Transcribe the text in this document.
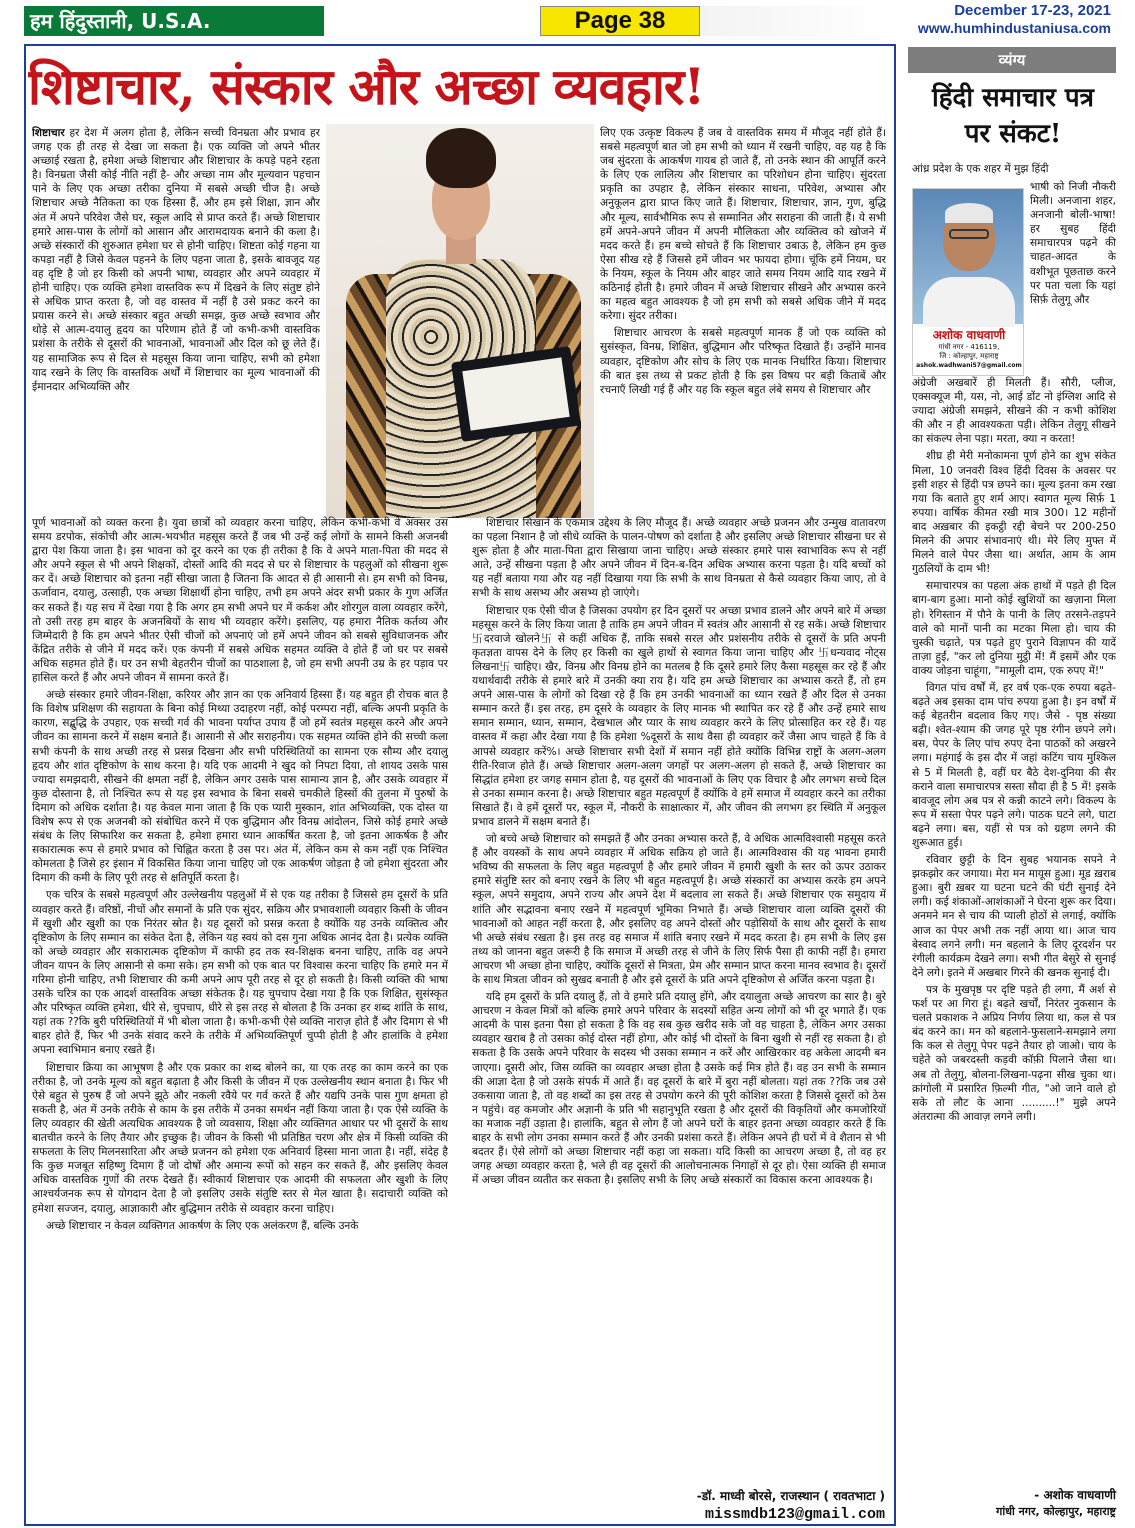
हम हिंदुस्तानी, U.S.A.	Page 38	December 17-23, 2021
www.humhindustaniusa.com
शिष्टाचार, संस्कार और अच्छा व्यवहार!

शिष्टाचार हर देश में अलग होता है, लेकिन सच्ची विनम्रता और प्रभाव हर जगह एक ही तरह से देखा जा सकता है। एक व्यक्ति जो अपने भीतर अच्छाई रखता है, हमेशा अच्छे शिष्टाचार और शिष्टाचार के कपड़े पहने रहता है। विनम्रता जैसी कोई नीति नहीं है- और अच्छा नाम और मूल्यवान पहचान पाने के लिए एक अच्छा तरीका दुनिया में सबसे अच्छी चीज है। अच्छे शिष्टाचार अच्छे नैतिकता का एक हिस्सा हैं, और हम इसे शिक्षा, ज्ञान और अंत में अपने परिवेश जैसे घर, स्कूल आदि से प्राप्त करते हैं। अच्छे शिष्टाचार हमारे आस-पास के लोगों को आसान और आरामदायक बनाने की कला है। अच्छे संस्कारों की शुरुआत हमेशा घर से होनी चाहिए। शिष्टता कोई गहना या कपड़ा नहीं है जिसे केवल पहनने के लिए पहना जाता है, इसके बावजूद यह वह दृष्टि है जो हर किसी को अपनी भाषा, व्यवहार और अपने व्यवहार में होनी चाहिए। एक व्यक्ति हमेशा वास्तविक रूप में दिखने के लिए संतुष्ट होने से अधिक प्राप्त करता है, जो वह वास्तव में नहीं है उसे प्रकट करने का प्रयास करने से। अच्छे संस्कार बहुत अच्छी समझ, कुछ अच्छे स्वभाव और थोड़े से आत्म-दयालु हृदय का परिणाम होते हैं जो कभी-कभी वास्तविक प्रशंसा के तरीके से दूसरों की भावनाओं, भावनाओं और दिल को छू लेते हैं। यह सामाजिक रूप से दिल से महसूस किया जाना चाहिए, सभी को हमेशा याद रखने के लिए कि वास्तविक अर्थों में शिष्टाचार का मूल्य भावनाओं की ईमानदार अभिव्यक्ति और

लिए एक उत्कृष्ट विकल्प हैं जब वे वास्तविक समय में मौजूद नहीं होते हैं। सबसे महत्वपूर्ण बात जो हम सभी को ध्यान में रखनी चाहिए, वह यह है कि जब सुंदरता के आकर्षण गायब हो जाते हैं, तो उनके स्थान की आपूर्ति करने के लिए एक लालित्य और शिष्टाचार का परिशोधन होना चाहिए। सुंदरता प्रकृति का उपहार है, लेकिन संस्कार साधना, परिवेश, अभ्यास और अनुकूलन द्वारा प्राप्त किए जाते हैं। शिष्टाचार, शिष्टाचार, ज्ञान, गुण, बुद्धि और मूल्य, सार्वभौमिक रूप से सम्मानित और सराहना की जाती हैं। ये सभी हमें अपने-अपने जीवन में अपनी मौलिकता और व्यक्तित्व को खोजने में मदद करते हैं। हम बच्चे सोचते हैं कि शिष्टाचार उबाऊ है, लेकिन हम कुछ ऐसा सीख रहे हैं जिससे हमें जीवन भर फायदा होगा। चूंकि हमें नियम, घर के नियम, स्कूल के नियम और बाहर जाते समय नियम आदि याद रखने में कठिनाई होती है। हमारे जीवन में अच्छे शिष्टाचार सीखने और अभ्यास करने का महत्व बहुत आवश्यक है जो हम सभी को सबसे अधिक जीने में मदद करेगा। सुंदर तरीका।

शिष्टाचार आचरण के सबसे महत्वपूर्ण मानक हैं जो एक व्यक्ति को सुसंस्कृत, विनम्र, शिक्षित, बुद्धिमान और परिष्कृत दिखाते हैं। उन्होंने मानव व्यवहार, दृष्टिकोण और सोच के लिए एक मानक निर्धारित किया। शिष्टाचार की बात इस तथ्य से प्रकट होती है कि इस विषय पर बड़ी किताबें और रचनाएँ लिखी गई हैं और यह कि स्कूल बहुत लंबे समय से शिष्टाचार और

पूर्ण भावनाओं को व्यक्त करना है। युवा छात्रों को व्यवहार करना चाहिए, लेकिन कभी-कभी वे अक्सर उस समय डरपोक, संकोची और आत्म-भयभीत महसूस करते हैं जब भी उन्हें कई लोगों के सामने किसी अजनबी द्वारा पेश किया जाता है। इस भावना को दूर करने का एक ही तरीका है कि वे अपने माता-पिता की मदद से और अपने स्कूल से भी अपने शिक्षकों, दोस्तों आदि की मदद से घर से शिष्टाचार के पहलुओं को सीखना शुरू कर दें। अच्छे शिष्टाचार को इतना नहीं सीखा जाता है जितना कि आदत से ही आसानी से। हम सभी को विनम्र, ऊर्जावान, दयालु, उत्साही, एक अच्छा शिक्षार्थी होना चाहिए, तभी हम अपने अंदर सभी प्रकार के गुण अर्जित कर सकते हैं। यह सच में देखा गया है कि अगर हम सभी अपने घर में कर्कश और शोरगुल वाला व्यवहार करेंगे, तो उसी तरह हम बाहर के अजनबियों के साथ भी व्यवहार करेंगे। इसलिए, यह हमारा नैतिक कर्तव्य और जिम्मेदारी है कि हम अपने भीतर ऐसी चीजों को अपनाएं जो हमें अपने जीवन को सबसे सुविधाजनक और केंद्रित तरीके से जीने में मदद करें। एक कंपनी में सबसे अधिक सहमत व्यक्ति वे होते हैं जो घर पर सबसे अधिक सहमत होते हैं। घर उन सभी बेहतरीन चीजों का पाठशाला है, जो हम सभी अपनी उम्र के हर पड़ाव पर हासिल करते हैं और अपने जीवन में सामना करते हैं।

अच्छे संस्कार हमारे जीवन-शिक्षा, करियर और ज्ञान का एक अनिवार्य हिस्सा हैं। यह बहुत ही रोचक बात है कि विशेष प्रशिक्षण की सहायता के बिना कोई मिथ्या उदाहरण नहीं, कोई परम्परा नहीं, बल्कि अपनी प्रकृति के कारण, सद्बुद्धि के उपहार, एक सच्ची गर्व की भावना पर्याप्त उपाय हैं जो हमें स्वतंत्र महसूस करने और अपने जीवन का सामना करने में सक्षम बनाते हैं। आसानी से और सराहनीय। एक सहमत व्यक्ति होने की सच्ची कला सभी कंपनी के साथ अच्छी तरह से प्रसन्न दिखना और सभी परिस्थितियों का सामना एक सौम्य और दयालु हृदय और शांत दृष्टिकोण के साथ करना है। यदि एक आदमी ने खुद को निपटा दिया, तो शायद उसके पास ज्यादा समझदारी, सीखने की क्षमता नहीं है, लेकिन अगर उसके पास सामान्य ज्ञान है, और उसके व्यवहार में कुछ दोस्ताना है, तो निश्चित रूप से यह इस स्वभाव के बिना सबसे चमकीले हिस्सों की तुलना में पुरुषों के दिमाग को अधिक दर्शाता है। यह केवल माना जाता है कि एक प्यारी मुस्कान, शांत अभिव्यक्ति, एक दोस्त या विशेष रूप से एक अजनबी को संबोधित करने में एक बुद्धिमान और विनम्र आंदोलन, जिसे कोई हमारे अच्छे संबंध के लिए सिफारिश कर सकता है, हमेशा हमारा ध्यान आकर्षित करता है, जो इतना आकर्षक है और सकारात्मक रूप से हमारे प्रभाव को चिह्नित करता है उस पर। अंत में, लेकिन कम से कम नहीं एक निश्चित कोमलता है जिसे हर इंसान में विकसित किया जाना चाहिए जो एक आकर्षण जोड़ता है जो हमेशा सुंदरता और दिमाग की कमी के लिए पूरी तरह से क्षतिपूर्ति करता है।

एक चरित्र के सबसे महत्वपूर्ण और उल्लेखनीय पहलुओं में से एक यह तरीका है जिससे हम दूसरों के प्रति व्यवहार करते हैं। वरिष्ठों, नीचों और समानों के प्रति एक सुंदर, सक्रिय और प्रभावशाली व्यवहार किसी के जीवन में खुशी और खुशी का एक निरंतर स्रोत है। यह दूसरों को प्रसन्न करता है क्योंकि यह उनके व्यक्तित्व और दृष्टिकोण के लिए सम्मान का संकेत देता है, लेकिन यह स्वयं को दस गुना अधिक आनंद देता है। प्रत्येक व्यक्ति को अच्छे व्यवहार और सकारात्मक दृष्टिकोण में काफी हद तक स्व-शिक्षक बनना चाहिए, ताकि वह अपने जीवन यापन के लिए आसानी से कमा सके। हम सभी को एक बात पर विश्वास करना चाहिए कि हमारे मन में गरिमा होनी चाहिए, तभी शिष्टाचार की कमी अपने आप पूरी तरह से दूर हो सकती है। किसी व्यक्ति की भाषा उसके चरित्र का एक आदर्श वास्तविक अच्छा संकेतक है। यह चुपचाप देखा गया है कि एक शिक्षित, सुसंस्कृत और परिष्कृत व्यक्ति हमेशा, धीरे से, चुपचाप, धीरे से इस तरह से बोलता है कि उनका हर शब्द शांति के साथ, यहां तक ??कि बुरी परिस्थितियों में भी बोला जाता है। कभी-कभी ऐसे व्यक्ति नाराज़ होते हैं और दिमाग से भी बाहर होते हैं, फिर भी उनके संवाद करने के तरीके में अभिव्यक्तिपूर्ण चुप्पी होती है और हालांकि वे हमेशा अपना स्वाभिमान बनाए रखते हैं।

शिष्टाचार क्रिया का आभूषण है और एक प्रकार का शब्द बोलने का, या एक तरह का काम करने का एक तरीका है, जो उनके मूल्य को बहुत बढ़ाता है और किसी के जीवन में एक उल्लेखनीय स्थान बनाता है। फिर भी ऐसे बहुत से पुरुष हैं जो अपने झूठे और नकली रवैये पर गर्व करते हैं और यद्यपि उनके पास गुण क्षमता हो सकती है, अंत में उनके तरीके से काम के इस तरीके में उनका समर्थन नहीं किया जाता है। एक ऐसे व्यक्ति के लिए व्यवहार की खेती अत्यधिक आवश्यक है जो व्यवसाय, शिक्षा और व्यक्तिगत आधार पर भी दूसरों के साथ बातचीत करने के लिए तैयार और इच्छुक है। जीवन के किसी भी प्रतिष्ठित चरण और क्षेत्र में किसी व्यक्ति की सफलता के लिए मिलनसारिता और अच्छे प्रजनन को हमेशा एक अनिवार्य हिस्सा माना जाता है। नहीं, संदेह है कि कुछ मजबूत सहिष्णु दिमाग हैं जो दोषों और अमान्य रूपों को सहन कर सकते हैं, और इसलिए केवल अधिक वास्तविक गुणों की तरफ देखते हैं। स्वीकार्य शिष्टाचार एक आदमी की सफलता और खुशी के लिए आश्चर्यजनक रूप से योगदान देता है जो इसलिए उसके संतुष्टि स्तर से मेल खाता है। सदाचारी व्यक्ति को हमेशा सज्जन, दयालु, आज्ञाकारी और बुद्धिमान तरीके से व्यवहार करना चाहिए।

अच्छे शिष्टाचार न केवल व्यक्तिगत आकर्षण के लिए एक अलंकरण हैं, बल्कि उनके

शिष्टाचार सिखाने के एकमात्र उद्देश्य के लिए मौजूद हैं। अच्छे व्यवहार अच्छे प्रजनन और उन्मुख वातावरण का पहला निशान है जो सीधे व्यक्ति के पालन-पोषण को दर्शाता है और इसलिए अच्छे शिष्टाचार सीखना घर से शुरू होता है और माता-पिता द्वारा सिखाया जाना चाहिए। अच्छे संस्कार हमारे पास स्वाभाविक रूप से नहीं आते, उन्हें सीखना पड़ता है और अपने जीवन में दिन-ब-दिन अधिक अभ्यास करना पड़ता है। यदि बच्चों को यह नहीं बताया गया और यह नहीं दिखाया गया कि सभी के साथ विनम्रता से कैसे व्यवहार किया जाए, तो वे सभी के साथ असभ्य और असभ्य हो जाएंगे।

शिष्टाचार एक ऐसी चीज है जिसका उपयोग हर दिन दूसरों पर अच्छा प्रभाव डालने और अपने बारे में अच्छा महसूस करने के लिए किया जाता है ताकि हम अपने जीवन में स्वतंत्र और आसानी से रह सकें। अच्छे शिष्टाचार 卐दरवाजे खोलने卐 से कहीं अधिक हैं, ताकि सबसे सरल और प्रशंसनीय तरीके से दूसरों के प्रति अपनी कृतज्ञता वापस देने के लिए हर किसी का खुले हाथों से स्वागत किया जाना चाहिए और 卐धन्यवाद नोट्स लिखना卐 चाहिए। खैर, विनम्र और विनम्र होने का मतलब है कि दूसरे हमारे लिए कैसा महसूस कर रहे हैं और यथार्थवादी तरीके से हमारे बारे में उनकी क्या राय है। यदि हम अच्छे शिष्टाचार का अभ्यास करते हैं, तो हम अपने आस-पास के लोगों को दिखा रहे हैं कि हम उनकी भावनाओं का ध्यान रखते हैं और दिल से उनका सम्मान करते हैं। इस तरह, हम दूसरे के व्यवहार के लिए मानक भी स्थापित कर रहे हैं और उन्हें हमारे साथ समान सम्मान, ध्यान, सम्मान, देखभाल और प्यार के साथ व्यवहार करने के लिए प्रोत्साहित कर रहे हैं। यह वास्तव में कहा और देखा गया है कि हमेशा %दूसरों के साथ वैसा ही व्यवहार करें जैसा आप चाहते हैं कि वे आपसे व्यवहार करें%। अच्छे शिष्टाचार सभी देशों में समान नहीं होते क्योंकि विभिन्न राष्ट्रों के अलग-अलग रीति-रिवाज होते हैं। अच्छे शिष्टाचार अलग-अलग जगहों पर अलग-अलग हो सकते हैं, अच्छे शिष्टाचार का सिद्धांत हमेशा हर जगह समान होता है, यह दूसरों की भावनाओं के लिए एक विचार है और लगभग सच्चे दिल से उनका सम्मान करना है। अच्छे शिष्टाचार बहुत महत्वपूर्ण हैं क्योंकि वे हमें समाज में व्यवहार करने का तरीका सिखाते हैं। वे हमें दूसरों पर, स्कूल में, नौकरी के साक्षात्कार में, और जीवन की लगभग हर स्थिति में अनुकूल प्रभाव डालने में सक्षम बनाते हैं।

जो बच्चे अच्छे शिष्टाचार को समझते हैं और उनका अभ्यास करते हैं, वे अधिक आत्मविश्वासी महसूस करते हैं और वयस्कों के साथ अपने व्यवहार में अधिक सक्रिय हो जाते हैं। आत्मविश्वास की यह भावना हमारी भविष्य की सफलता के लिए बहुत महत्वपूर्ण है और हमारे जीवन में हमारी खुशी के स्तर को ऊपर उठाकर हमारे संतुष्टि स्तर को बनाए रखने के लिए भी बहुत महत्वपूर्ण है। अच्छे संस्कारों का अभ्यास करके हम अपने स्कूल, अपने समुदाय, अपने राज्य और अपने देश में बदलाव ला सकते हैं। अच्छे शिष्टाचार एक समुदाय में शांति और सद्भावना बनाए रखने में महत्वपूर्ण भूमिका निभाते हैं। अच्छे शिष्टाचार वाला व्यक्ति दूसरों की भावनाओं को आहत नहीं करता है, और इसलिए वह अपने दोस्तों और पड़ोसियों के साथ और दूसरों के साथ भी अच्छे संबंध रखता है। इस तरह वह समाज में शांति बनाए रखने में मदद करता है। हम सभी के लिए इस तथ्य को जानना बहुत जरूरी है कि समाज में अच्छी तरह से जीने के लिए सिर्फ पैसा ही काफी नहीं है। हमारा आचरण भी अच्छा होना चाहिए, क्योंकि दूसरों से मित्रता, प्रेम और सम्मान प्राप्त करना मानव स्वभाव है। दूसरों के साथ मित्रता जीवन को सुखद बनाती है और इसे दूसरों के प्रति अपने दृष्टिकोण से अर्जित करना पड़ता है।

यदि हम दूसरों के प्रति दयालु हैं, तो वे हमारे प्रति दयालु होंगे, और दयालुता अच्छे आचरण का सार है। बुरे आचरण न केवल मित्रों को बल्कि हमारे अपने परिवार के सदस्यों सहित अन्य लोगों को भी दूर भगाते हैं। एक आदमी के पास इतना पैसा हो सकता है कि वह सब कुछ खरीद सके जो वह चाहता है, लेकिन अगर उसका व्यवहार खराब है तो उसका कोई दोस्त नहीं होगा, और कोई भी दोस्तों के बिना खुशी से नहीं रह सकता है। हो सकता है कि उसके अपने परिवार के सदस्य भी उसका सम्मान न करें और आखिरकार वह अकेला आदमी बन जाएगा। दूसरी ओर, जिस व्यक्ति का व्यवहार अच्छा होता है उसके कई मित्र होते हैं। वह उन सभी के सम्मान की आज्ञा देता है जो उसके संपर्क में आते हैं। वह दूसरों के बारे में बुरा नहीं बोलता। यहां तक ??कि जब उसे उकसाया जाता है, तो वह शब्दों का इस तरह से उपयोग करने की पूरी कोशिश करता है जिससे दूसरों को ठेस न पहुंचे। वह कमजोर और अज्ञानी के प्रति भी सहानुभूति रखता है और दूसरों की विकृतियों और कमजोरियों का मजाक नहीं उड़ाता है। हालांकि, बहुत से लोग हैं जो अपने घरों के बाहर इतना अच्छा व्यवहार करते हैं कि बाहर के सभी लोग उनका सम्मान करते हैं और उनकी प्रशंसा करते हैं। लेकिन अपने ही घरों में वे शैतान से भी बदतर हैं। ऐसे लोगों को अच्छा शिष्टाचार नहीं कहा जा सकता। यदि किसी का आचरण अच्छा है, तो वह हर जगह अच्छा व्यवहार करता है, भले ही वह दूसरों की आलोचनात्मक निगाहों से दूर हो। ऐसा व्यक्ति ही समाज में अच्छा जीवन व्यतीत कर सकता है। इसलिए सभी के लिए अच्छे संस्कारों का विकास करना आवश्यक है।

-डॉ. माध्वी बोरसे, राजस्थान ( रावतभाटा )
missmdb123@gmail.com
व्यंग्य
हिंदी समाचार पत्र
पर संकट!
आंध्र प्रदेश के एक शहर में मुझ हिंदी
अशोक वाधवाणी
गांधी नगर - 416119,
जि : कोल्हापुर, महाराष्ट्र
ashok.wadhwani57@gmail.com
भाषी को निजी नौकरी मिली। अनजाना शहर, अनजानी बोली-भाषा! हर सुबह हिंदी समाचारपत्र पढ़ने की चाहत-आदत के वशीभूत पूछताछ करने पर पता चला कि यहां सिर्फ़ तेलुगू और

अंग्रेजी अखबारें ही मिलती हैं। सौरी, प्लीज, एक्सक्यूज मी, यस, नो, आई डोंट नो इंग्लिश आदि से ज्यादा अंग्रेजी समझने, सीखने की न कभी कोशिश की और न ही आवश्यकता पड़ी। लेकिन तेलुगू सीखने का संकल्प लेना पड़ा। मरता, क्या न करता!

शीघ्र ही मेरी मनोकामना पूर्ण होने का शुभ संकेत मिला, 10 जनवरी विश्व हिंदी दिवस के अवसर पर इसी शहर से हिंदी पत्र छपने का। मूल्य इतना कम रखा गया कि बताते हुए शर्म आए। स्वागत मूल्य सिर्फ़ 1 रुपया। वार्षिक कीमत रखी मात्र 300। 12 महीनों बाद अख़बार की इकट्ठी रद्दी बेचने पर 200-250 मिलने की अपार संभावनाएं थी। मेरे लिए मुफ्त में मिलने वाले पेपर जैसा था। अर्थात, आम के आम गुठलियों के दाम भी!

समाचारपत्र का पहला अंक हाथों में पड़ते ही दिल बाग-बाग हुआ। मानो कोई खुशियों का खज़ाना मिला हो। रेगिस्तान में पौने के पानी के लिए तरसने-तड़पने वाले को मानों पानी का मटका मिला हो। चाय की चुस्की चढ़ाते, पत्र पढ़ते हुए पुराने विज्ञापन की यादें ताज़ा हुईं, "कर लो दुनिया मुट्ठी में! मैं इसमें और एक वाक्य जोड़ना चाहूंगा, "मामूली दाम, एक रुपए में!"

विगत पांच वर्षों में, हर वर्ष एक-एक रुपया बढ़ते-बढ़ते अब इसका दाम पांच रुपया हुआ है। इन वर्षों में कई बेहतरीन बदलाव किए गए। जैसे - पृष्ठ संख्या बढ़ी। श्वेत-श्याम की जगह पूरे पृष्ठ रंगीन छपने लगे। बस, पेपर के लिए पांच रुपए देना पाठकों को अखरने लगा। महंगाई के इस दौर में जहां कटिंग चाय मुश्किल से 5 में मिलती है, वहीं घर बैठे देश-दुनिया की सैर कराने वाला समाचारपत्र सस्ता सौदा ही है 5 में! इसके बावजूद लोग अब पत्र से कन्नी काटने लगे। विकल्प के रूप में सस्ता पेपर पढ़ने लगे। पाठक घटने लगे, घाटा बढ़ने लगा। बस, यहीं से पत्र को ग्रहण लगने की शुरूआत हुई।

रविवार छुट्टी के दिन सुबह भयानक सपने ने झकझोर कर जगाया। मेरा मन मायूस हुआ। मूड ख़राब हुआ। बुरी ख़बर या घटना घटने की घंटी सुनाई देने लगी। कई शंकाओं-आशंकाओं ने घेरना शुरू कर दिया। अनमने मन से चाय की प्याली होठों से लगाई, क्योंकि आज का पेपर अभी तक नहीं आया था। आज चाय बेस्वाद लगने लगी। मन बहलाने के लिए दूरदर्शन पर रंगीली कार्यक्रम देखने लगा। सभी गीत बेसुरे से सुनाई देने लगे। इतने में अखबार गिरने की खनक सुनाई दी।

पत्र के मुखपृष्ठ पर दृष्टि पड़ते ही लगा, मैं अर्श से फर्श पर आ गिरा हूं। बढ़ते खर्चों, निरंतर नुकसान के चलते प्रकाशक ने अप्रिय निर्णय लिया था, कल से पत्र बंद करने का। मन को बहलाने-फुसलाने-समझाने लगा कि कल से तेलुगू पेपर पढ़ने तैयार हो जाओ। चाय के चहेते को जबरदस्ती कड़वी कॉफ़ी पिलाने जैसा था। अब तो तेलुगु, बोलना-लिखना-पढ़ना सीख चुका था। क्रांगोली में प्रसारित फ़िल्मी गीत, "ओ जाने वाले हो सके तो लौट के आना ..........!" मुझे अपने अंतरात्मा की आवाज़ लगने लगी।

- अशोक वाधवाणी
गांधी नगर, कोल्हापुर, महाराष्ट्र
